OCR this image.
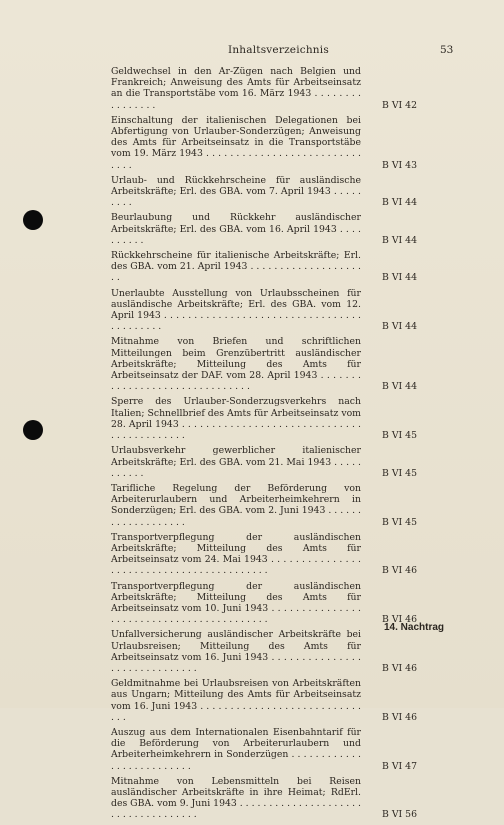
Inhaltsverzeichnis	53
Geldwechsel in den Ar-Zügen nach Belgien und Frankreich; Anweisung des Amts für Arbeitseinsatz an die Transportstäbe vom 16. März 1943 . . . . . . . . . . . . . . . .	B VI 42
Einschaltung der italienischen Delegationen bei Abfertigung von Urlauber-Sonderzügen; Anweisung des Amts für Arbeitseinsatz in die Transportstäbe vom 19. März 1943 . . . . . . . . . . . . . . . . . . . . . . . . . . . . . .	B VI 43
Urlaub- und Rückkehrscheine für ausländische Arbeitskräfte; Erl. des GBA. vom 7. April 1943 . . . . . . . . .	B VI 44
Beurlaubung und Rückkehr ausländischer Arbeitskräfte; Erl. des GBA. vom 16. April 1943 . . . . . . . . . .	B VI 44
Rückkehrscheine für italienische Arbeitskräfte; Erl. des GBA. vom 21. April 1943 . . . . . . . . . . . . . . . . . . . . .	B VI 44
Unerlaubte Ausstellung von Urlaubsscheinen für ausländische Arbeitskräfte; Erl. des GBA. vom 12. April 1943 . . . . . . . . . . . . . . . . . . . . . . . . . . . . . . . . . . . . . . . . . .	B VI 44
Mitnahme von Briefen und schriftlichen Mitteilungen beim Grenzübertritt ausländischer Arbeitskräfte; Mitteilung des Amts für Arbeitseinsatz der DAF. vom 28. April 1943 . . . . . . . . . . . . . . . . . . . . . . . . . . . . . . .	B VI 44
Sperre des Urlauber-Sonderzugsverkehrs nach Italien; Schnellbrief des Amts für Arbeitseinsatz vom 28. April 1943 . . . . . . . . . . . . . . . . . . . . . . . . . . . . . . . . . . . . . . . . . . .	B VI 45
Urlaubsverkehr gewerblicher italienischer Arbeitskräfte; Erl. des GBA. vom 21. Mai 1943 . . . . . . . . . . .	B VI 45
Tarifliche Regelung der Beförderung von Arbeiterurlaubern und Arbeiterheimkehrern in Sonderzügen; Erl. des GBA. vom 2. Juni 1943 . . . . . . . . . . . . . . . . . . .	B VI 45
Transportverpflegung der ausländischen Arbeitskräfte; Mitteilung des Amts für Arbeitseinsatz vom 24. Mai 1943 . . . . . . . . . . . . . . . . . . . . . . . . . . . . . . . . . . . . . . . . . .	B VI 46
Transportverpflegung der ausländischen Arbeitskräfte; Mitteilung des Amts für Arbeitseinsatz vom 10. Juni 1943 . . . . . . . . . . . . . . . . . . . . . . . . . . . . . . . . . . . . . . . . . .	B VI 46
Unfallversicherung ausländischer Arbeitskräfte bei Urlaubsreisen; Mitteilung des Amts für Arbeitseinsatz vom 16. Juni 1943 . . . . . . . . . . . . . . . . . . . . . . . . . . . . . .	B VI 46
Geldmitnahme bei Urlaubsreisen von Arbeitskräften aus Ungarn; Mitteilung des Amts für Arbeitseinsatz vom 16. Juni 1943 . . . . . . . . . . . . . . . . . . . . . . . . . . . . . .	B VI 46
Auszug aus dem Internationalen Eisenbahntarif für die Beförderung von Arbeiterurlaubern und Arbeiterheimkehrern in Sonderzügen . . . . . . . . . . . . . . . . . . . . . . . . . .	B VI 47
Mitnahme von Lebensmitteln bei Reisen ausländischer Arbeitskräfte in ihre Heimat; RdErl. des GBA. vom 9. Juni 1943 . . . . . . . . . . . . . . . . . . . . . . . . . . . . . . . . . . . .	B VI 56
14. Nachtrag
